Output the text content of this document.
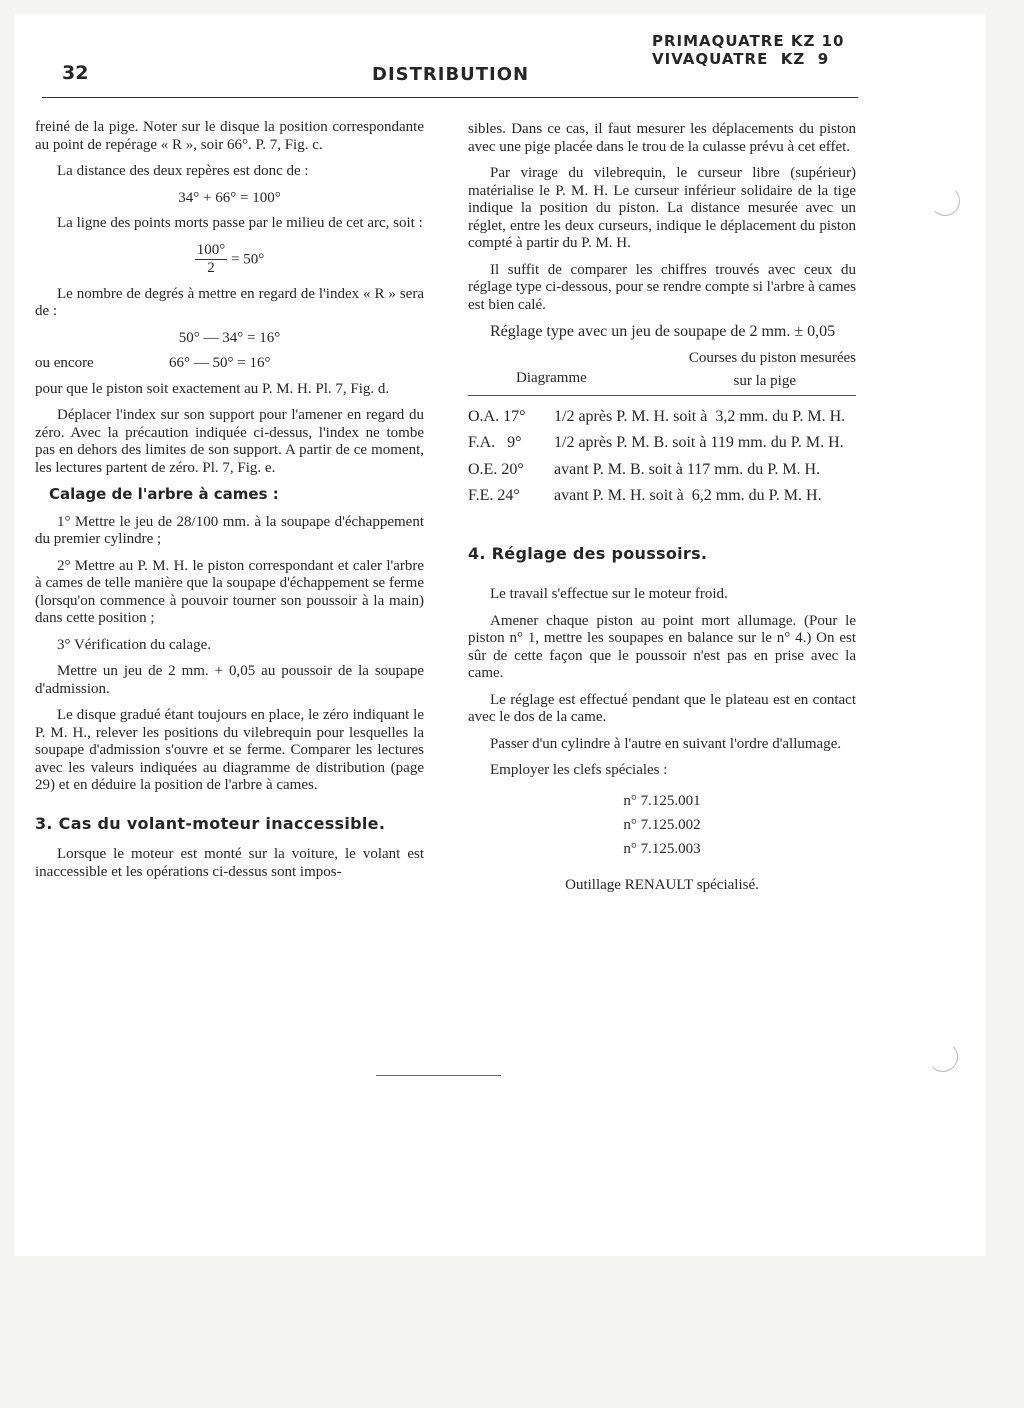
32	DISTRIBUTION
PRIMAQUATRE KZ 10
VIVAQUATRE  KZ  9

freiné de la pige. Noter sur le disque la position correspondante au point de repérage « R », soir 66°. P. 7, Fig. c.

La distance des deux repères est donc de :

34° + 66° = 100°

La ligne des points morts passe par le milieu de cet arc, soit :

$\frac{100^\circ}{2} = 50^\circ$

Le nombre de degrés à mettre en regard de l'index « R » sera de :

50° — 34° = 16°
ou encore	66° — 50° = 16°

pour que le piston soit exactement au P. M. H. Pl. 7, Fig. d.

Déplacer l'index sur son support pour l'amener en regard du zéro. Avec la précaution indiquée ci-dessus, l'index ne tombe pas en dehors des limites de son support. A partir de ce moment, les lectures partent de zéro. Pl. 7, Fig. e.

Calage de l'arbre à cames :

1° Mettre le jeu de 28/100 mm. à la soupape d'échappement du premier cylindre ;

2° Mettre au P. M. H. le piston correspondant et caler l'arbre à cames de telle manière que la soupape d'échappement se ferme (lorsqu'on commence à pouvoir tourner son poussoir à la main) dans cette position ;

3° Vérification du calage.

Mettre un jeu de 2 mm. + 0,05 au poussoir de la soupape d'admission.

Le disque gradué étant toujours en place, le zéro indiquant le P. M. H., relever les positions du vilebrequin pour lesquelles la soupape d'admission s'ouvre et se ferme. Comparer les lectures avec les valeurs indiquées au diagramme de distribution (page 29) et en déduire la position de l'arbre à cames.

3. Cas du volant-moteur inaccessible.

Lorsque le moteur est monté sur la voiture, le volant est inaccessible et les opérations ci-dessus sont impos-

sibles. Dans ce cas, il faut mesurer les déplacements du piston avec une pige placée dans le trou de la culasse prévu à cet effet.

Par virage du vilebrequin, le curseur libre (supérieur) matérialise le P. M. H. Le curseur inférieur solidaire de la tige indique la position du piston. La distance mesurée avec un réglet, entre les deux curseurs, indique le déplacement du piston compté à partir du P. M. H.

Il suffit de comparer les chiffres trouvés avec ceux du réglage type ci-dessous, pour se rendre compte si l'arbre à cames est bien calé.

Réglage type avec un jeu de soupape de 2 mm. ± 0,05

Diagramme
Courses du piston mesurées
sur la pige
O.A. 17°	1/2 après P. M. H. soit à  3,2 mm. du P. M. H.
F.A.   9°	1/2 après P. M. B. soit à 119 mm. du P. M. H.
O.E. 20°	avant P. M. B. soit à 117 mm. du P. M. H.
F.E. 24°	avant P. M. H. soit à  6,2 mm. du P. M. H.
4. Réglage des poussoirs.

Le travail s'effectue sur le moteur froid.

Amener chaque piston au point mort allumage. (Pour le piston n° 1, mettre les soupapes en balance sur le n° 4.) On est sûr de cette façon que le poussoir n'est pas en prise avec la came.

Le réglage est effectué pendant que le plateau est en contact avec le dos de la came.

Passer d'un cylindre à l'autre en suivant l'ordre d'allumage.

Employer les clefs spéciales :

n° 7.125.001
n° 7.125.002
n° 7.125.003
Outillage RENAULT spécialisé.
